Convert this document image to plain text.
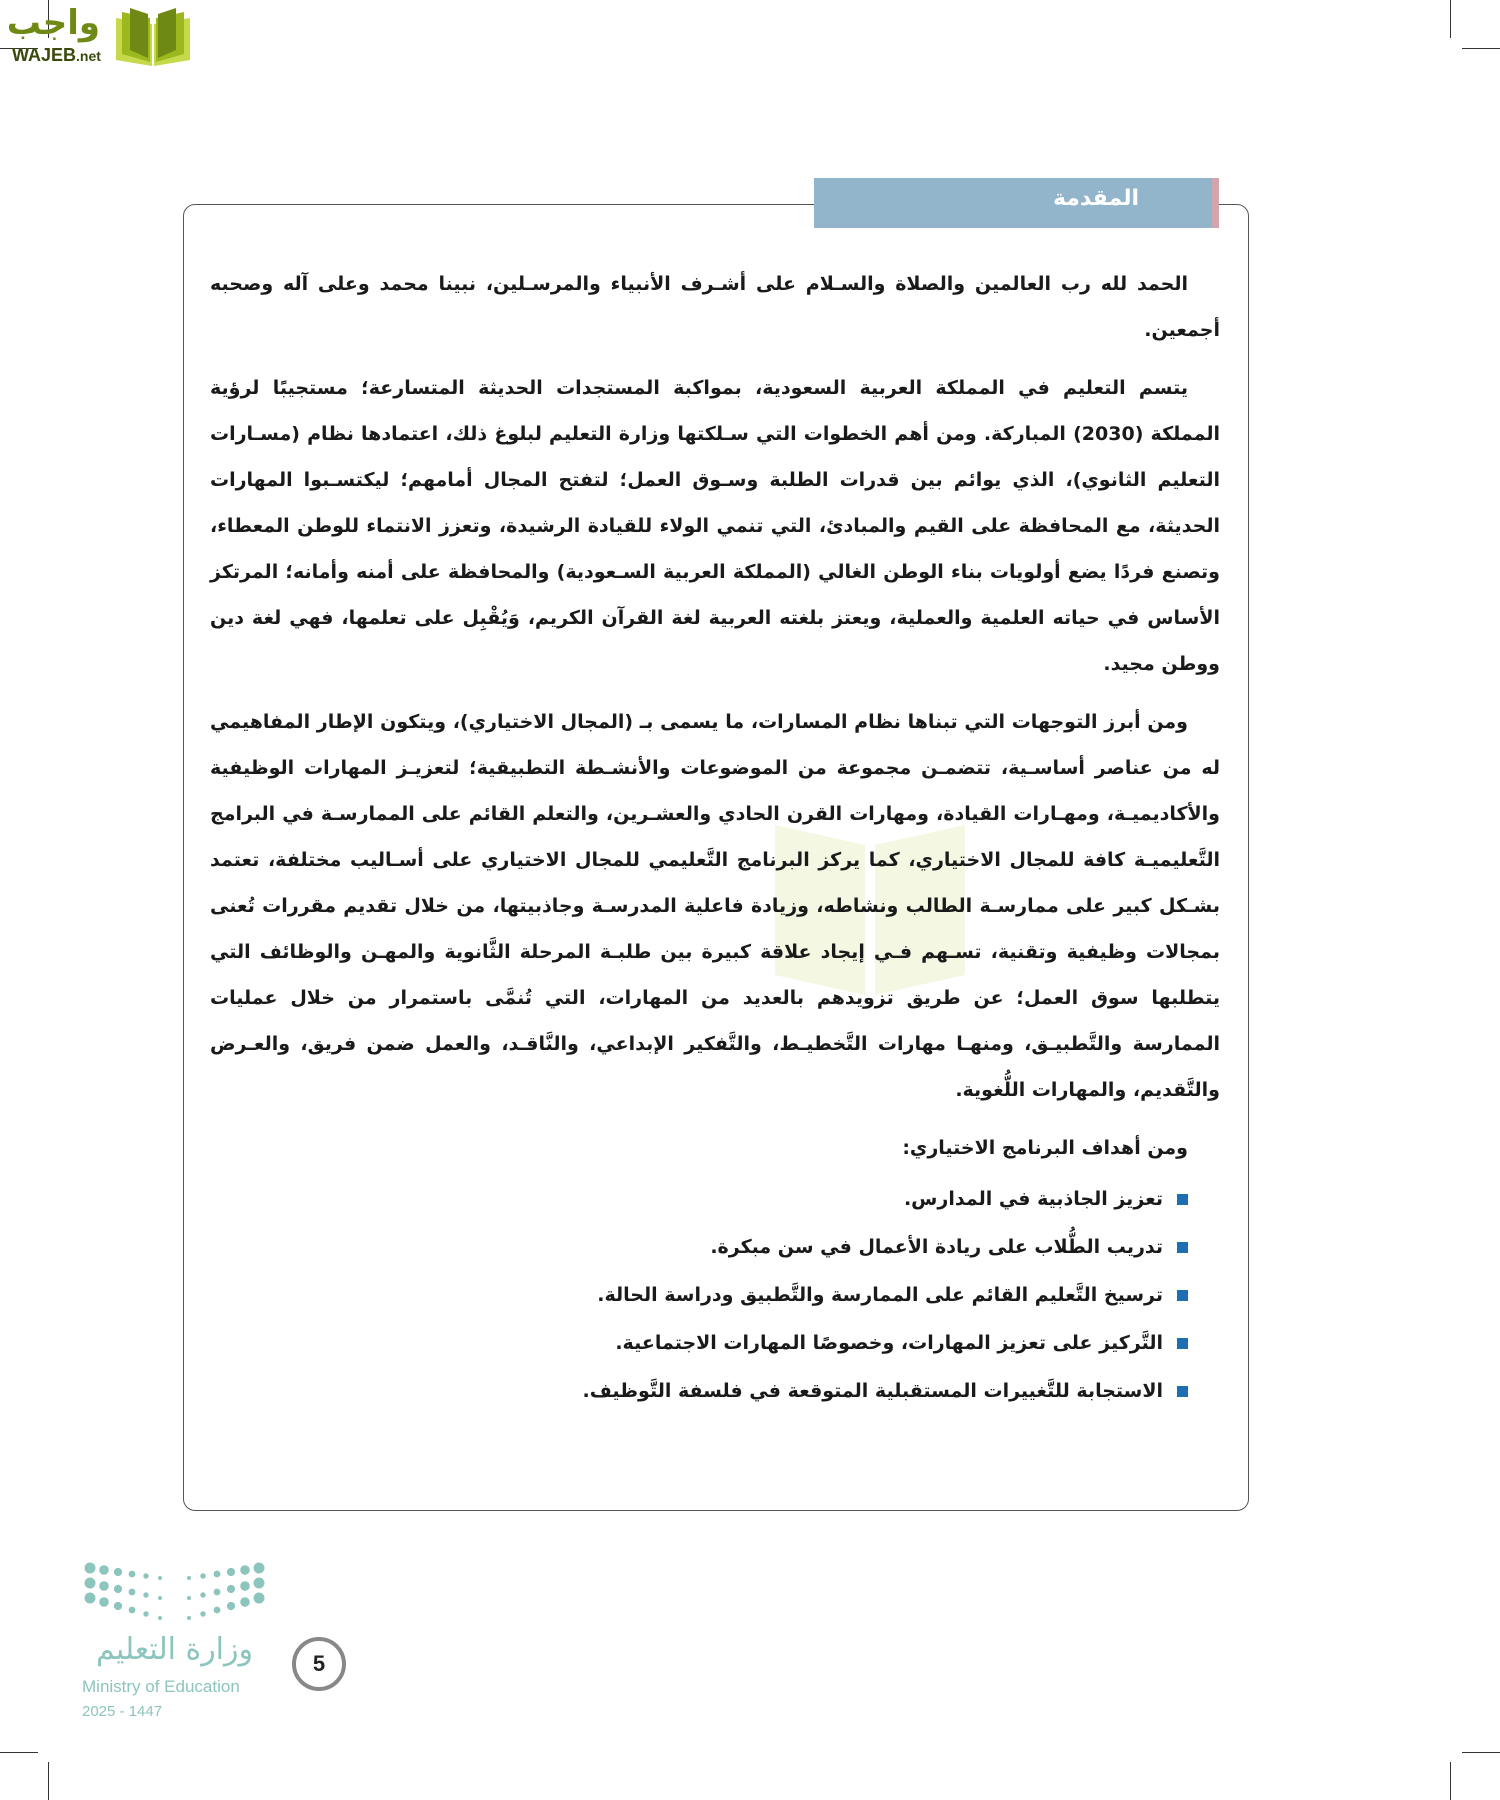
واجب
WAJEB.net

الحمد لله رب العالمين والصلاة والسـلام على أشـرف الأنبياء والمرسـلين، نبينا محمد وعلى آله وصحبه أجمعين.

يتسم التعليم في المملكة العربية السعودية، بمواكبة المستجدات الحديثة المتسارعة؛ مستجيبًا لرؤية المملكة (2030) المباركة. ومن أهم الخطوات التي سـلكتها وزارة التعليم لبلوغ ذلك، اعتمادها نظام (مسـارات التعليم الثانوي)، الذي يوائم بين قدرات الطلبة وسـوق العمل؛ لتفتح المجال أمامهم؛ ليكتسـبوا المهارات الحديثة، مع المحافظة على القيم والمبادئ، التي تنمي الولاء للقيادة الرشيدة، وتعزز الانتماء للوطن المعطاء، وتصنع فردًا يضع أولويات بناء الوطن الغالي (المملكة العربية السـعودية) والمحافظة على أمنه وأمانه؛ المرتكز الأساس في حياته العلمية والعملية، ويعتز بلغته العربية لغة القرآن الكريم، وَيُقْبِل على تعلمها، فهي لغة دين ووطن مجيد.

ومن أبرز التوجهات التي تبناها نظام المسارات، ما يسمى بـ (المجال الاختياري)، ويتكون الإطار المفاهيمي له من عناصر أساسـية، تتضمـن مجموعة من الموضوعات والأنشـطة التطبيقية؛ لتعزيـز المهارات الوظيفية والأكاديميـة، ومهـارات القيادة، ومهارات القرن الحادي والعشـرين، والتعلم القائم على الممارسـة في البرامج التَّعليميـة كافة للمجال الاختياري، كما يركز البرنامج التَّعليمي للمجال الاختياري على أسـاليب مختلفة، تعتمد بشـكل كبير على ممارسـة الطالب ونشاطه، وزيادة فاعلية المدرسـة وجاذبيتها، من خلال تقديم مقررات تُعنى بمجالات وظيفية وتقنية، تسـهم فـي إيجاد علاقة كبيرة بين طلبـة المرحلة الثَّانوية والمهـن والوظائف التي يتطلبها سوق العمل؛ عن طريق تزويدهم بالعديد من المهارات، التي تُنمَّى باستمرار من خلال عمليات الممارسة والتَّطبيـق، ومنهـا مهارات التَّخطيـط، والتَّفكير الإبداعي، والنَّاقـد، والعمل ضمن فريق، والعـرض والتَّقديم، والمهارات اللُّغوية.

ومن أهداف البرنامج الاختياري:
تعزيز الجاذبية في المدارس.
تدريب الطُّلاب على ريادة الأعمال في سن مبكرة.
ترسيخ التَّعليم القائم على الممارسة والتَّطبيق ودراسة الحالة.
التَّركيز على تعزيز المهارات، وخصوصًا المهارات الاجتماعية.
الاستجابة للتَّغييرات المستقبلية المتوقعة في فلسفة التَّوظيف.
المقدمة
وزارة التعليم
Ministry of Education
2025 - 1447
5
